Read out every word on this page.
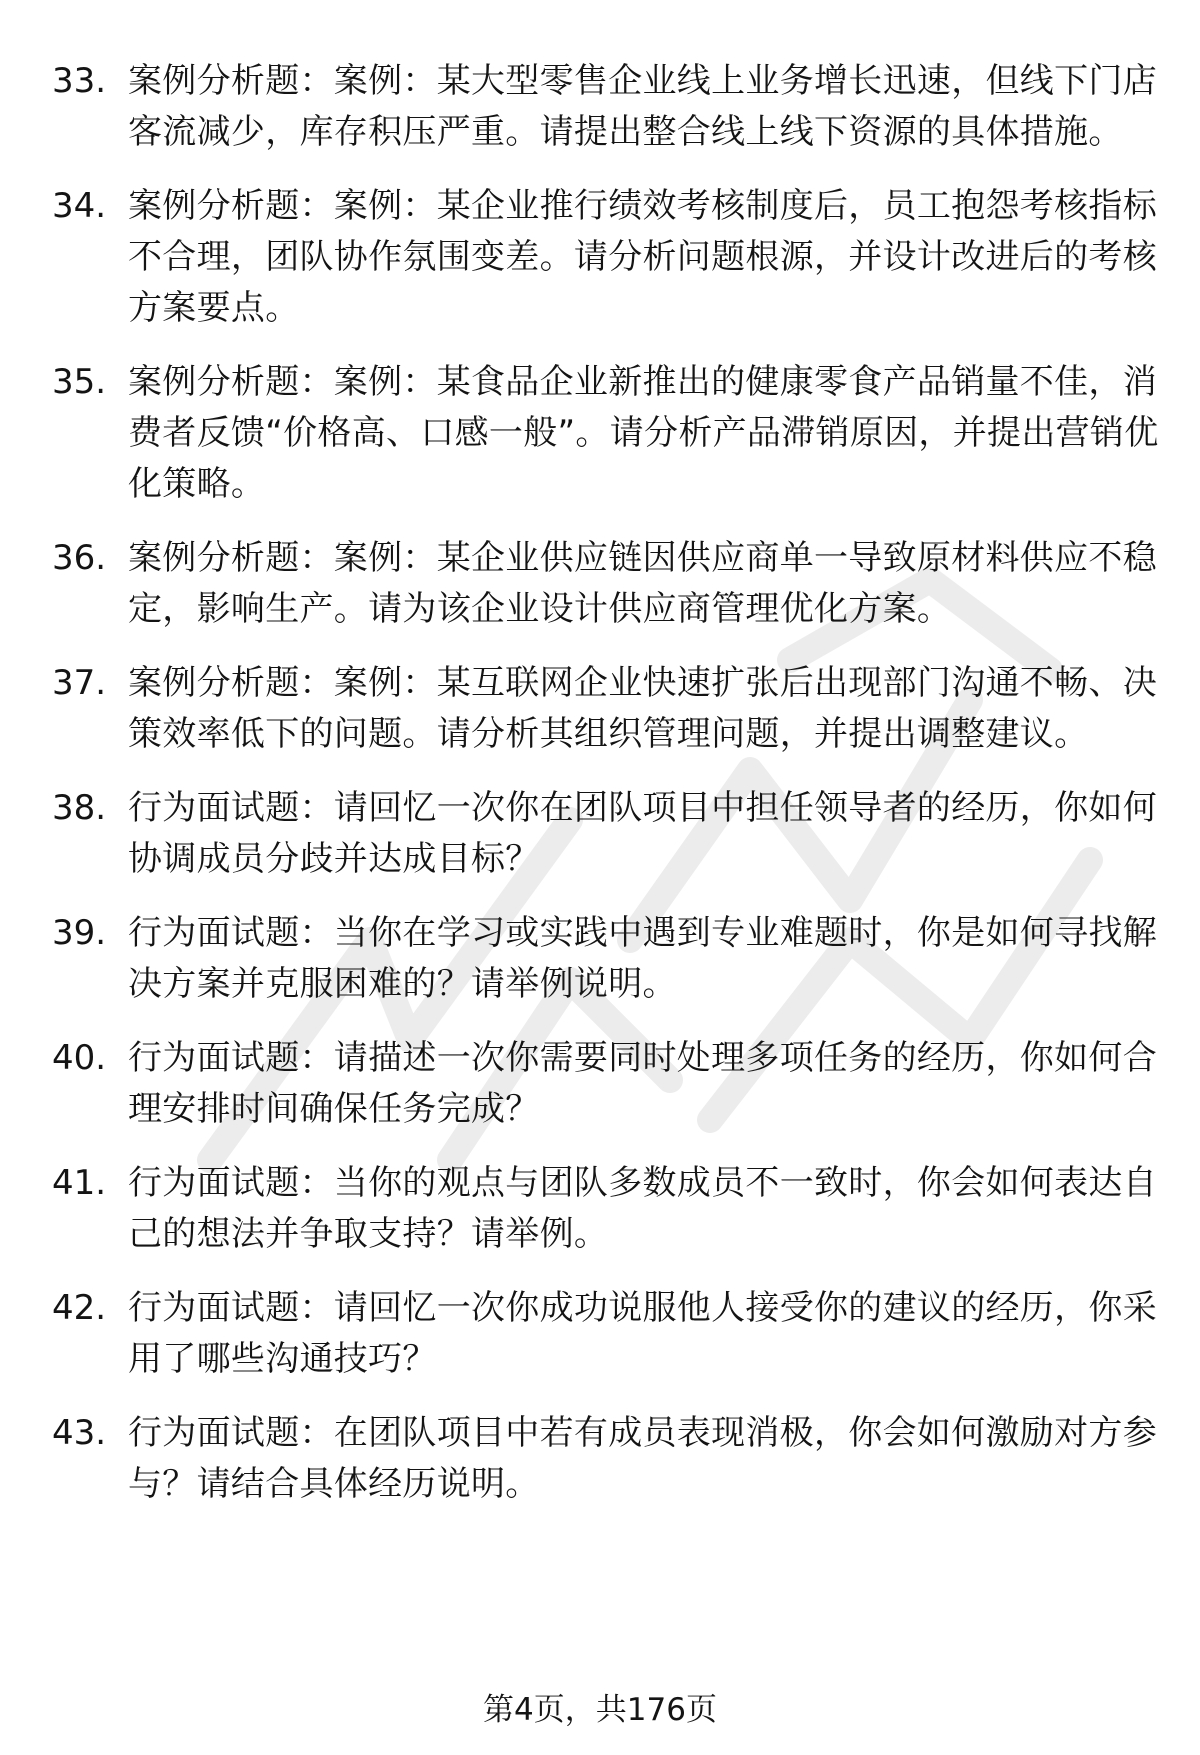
33. 案例分析题：案例：某大型零售企业线上业务增长迅速，但线下门店客流减少，库存积压严重。请提出整合线上线下资源的具体措施。
34. 案例分析题：案例：某企业推行绩效考核制度后，员工抱怨考核指标不合理，团队协作氛围变差。请分析问题根源，并设计改进后的考核方案要点。
35. 案例分析题：案例：某食品企业新推出的健康零食产品销量不佳，消费者反馈“价格高、口感一般”。请分析产品滞销原因，并提出营销优化策略。
36. 案例分析题：案例：某企业供应链因供应商单一导致原材料供应不稳定，影响生产。请为该企业设计供应商管理优化方案。
37. 案例分析题：案例：某互联网企业快速扩张后出现部门沟通不畅、决策效率低下的问题。请分析其组织管理问题，并提出调整建议。
38. 行为面试题：请回忆一次你在团队项目中担任领导者的经历，你如何协调成员分歧并达成目标？
39. 行为面试题：当你在学习或实践中遇到专业难题时，你是如何寻找解决方案并克服困难的？请举例说明。
40. 行为面试题：请描述一次你需要同时处理多项任务的经历，你如何合理安排时间确保任务完成？
41. 行为面试题：当你的观点与团队多数成员不一致时，你会如何表达自己的想法并争取支持？请举例。
42. 行为面试题：请回忆一次你成功说服他人接受你的建议的经历，你采用了哪些沟通技巧？
43. 行为面试题：在团队项目中若有成员表现消极，你会如何激励对方参与？请结合具体经历说明。
第4页，共176页
